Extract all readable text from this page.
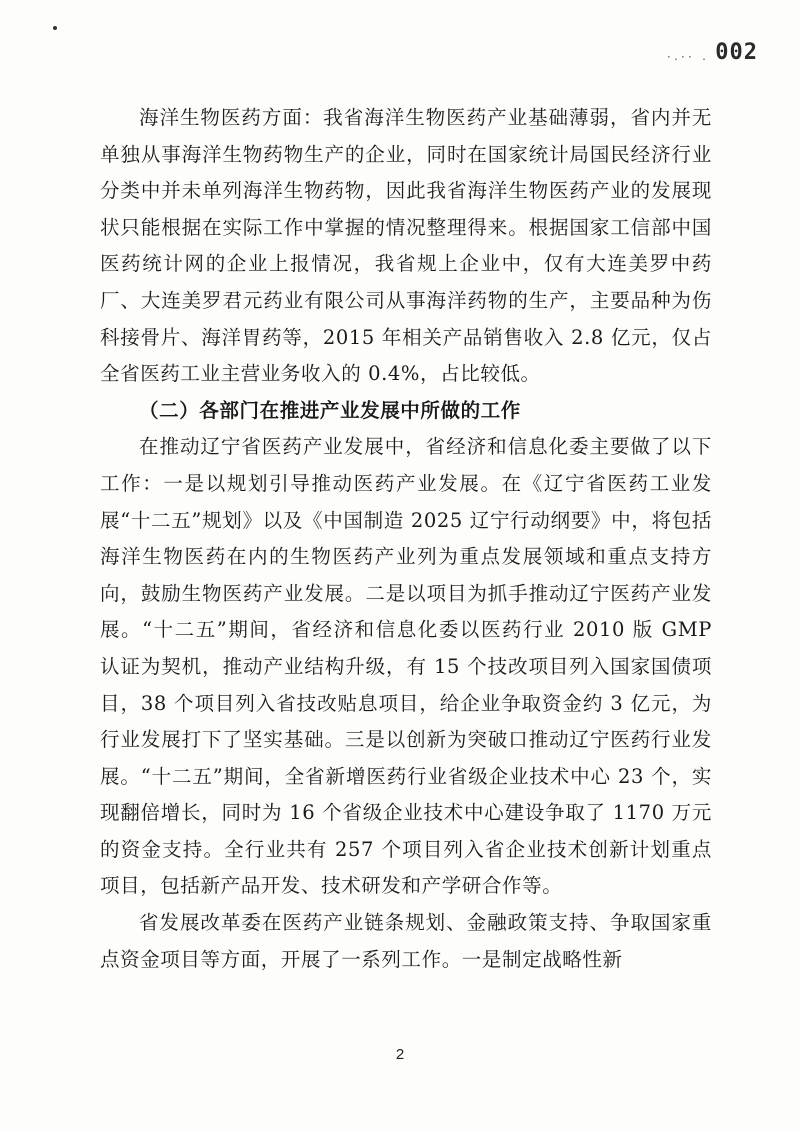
·.·· . 002

海洋生物医药方面：我省海洋生物医药产业基础薄弱，省内并无单独从事海洋生物药物生产的企业，同时在国家统计局国民经济行业分类中并未单列海洋生物药物，因此我省海洋生物医药产业的发展现状只能根据在实际工作中掌握的情况整理得来。根据国家工信部中国医药统计网的企业上报情况，我省规上企业中，仅有大连美罗中药厂、大连美罗君元药业有限公司从事海洋药物的生产，主要品种为伤科接骨片、海洋胃药等，2015 年相关产品销售收入 2.8 亿元，仅占全省医药工业主营业务收入的 0.4%，占比较低。

（二）各部门在推进产业发展中所做的工作

在推动辽宁省医药产业发展中，省经济和信息化委主要做了以下工作：一是以规划引导推动医药产业发展。在《辽宁省医药工业发展“十二五”规划》以及《中国制造 2025 辽宁行动纲要》中，将包括海洋生物医药在内的生物医药产业列为重点发展领域和重点支持方向，鼓励生物医药产业发展。二是以项目为抓手推动辽宁医药产业发展。“十二五”期间，省经济和信息化委以医药行业 2010 版 GMP 认证为契机，推动产业结构升级，有 15 个技改项目列入国家国债项目，38 个项目列入省技改贴息项目，给企业争取资金约 3 亿元，为行业发展打下了坚实基础。三是以创新为突破口推动辽宁医药行业发展。“十二五”期间，全省新增医药行业省级企业技术中心 23 个，实现翻倍增长，同时为 16 个省级企业技术中心建设争取了 1170 万元的资金支持。全行业共有 257 个项目列入省企业技术创新计划重点项目，包括新产品开发、技术研发和产学研合作等。

省发展改革委在医药产业链条规划、金融政策支持、争取国家重点资金项目等方面，开展了一系列工作。一是制定战略性新

2
